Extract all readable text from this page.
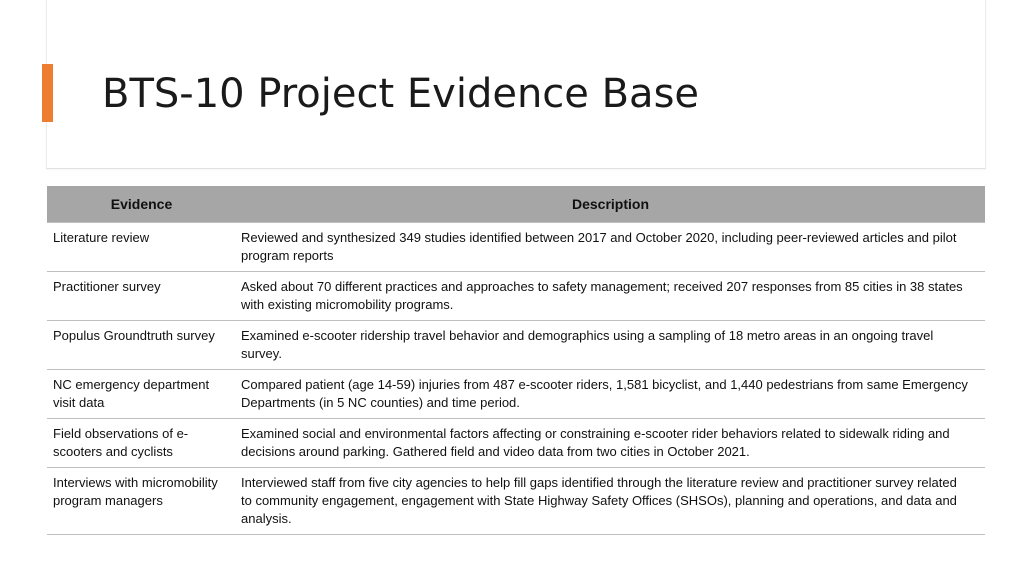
BTS-10 Project Evidence Base
Evidence	Description
Literature review	Reviewed and synthesized 349 studies identified between 2017 and October 2020, including peer-reviewed articles and pilot program reports
Practitioner survey	Asked about 70 different practices and approaches to safety management; received 207 responses from 85 cities in 38 states with existing micromobility programs.
Populus Groundtruth survey	Examined e-scooter ridership travel behavior and demographics using a sampling of 18 metro areas in an ongoing travel survey.
NC emergency department visit data	Compared patient (age 14-59) injuries from 487 e-scooter riders, 1,581 bicyclist, and 1,440 pedestrians from same Emergency Departments (in 5 NC counties) and time period.
Field observations of e-scooters and cyclists	Examined social and environmental factors affecting or constraining e-scooter rider behaviors related to sidewalk riding and decisions around parking. Gathered field and video data from two cities in October 2021.
Interviews with micromobility program managers	Interviewed staff from five city agencies to help fill gaps identified through the literature review and practitioner survey related to community engagement, engagement with State Highway Safety Offices (SHSOs), planning and operations, and data and analysis.
